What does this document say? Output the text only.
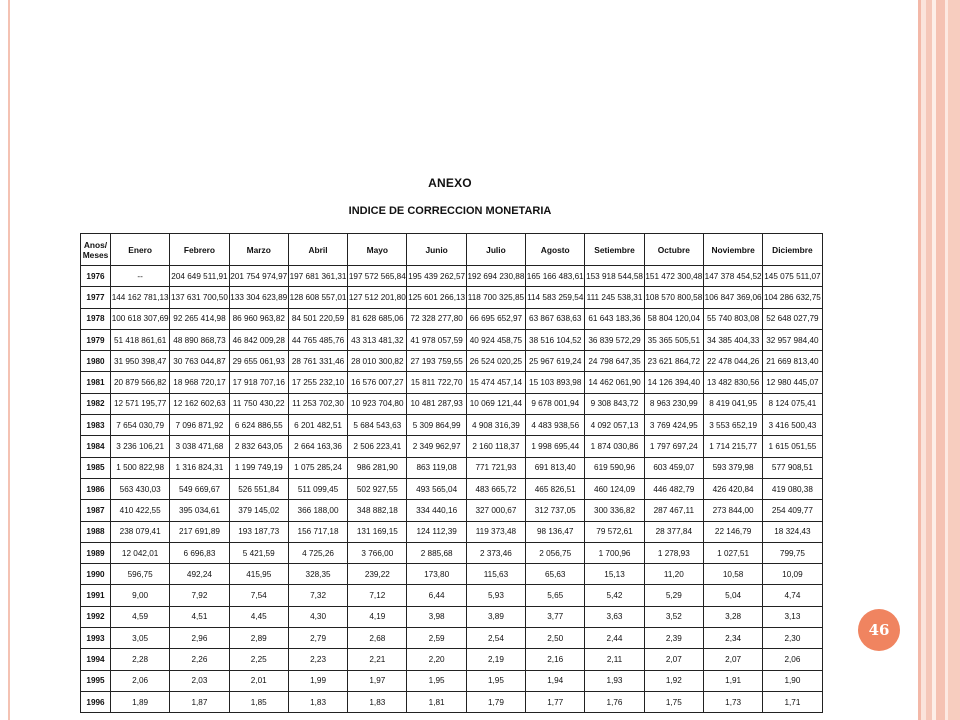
ANEXO
INDICE DE CORRECCION MONETARIA
Anos/
Meses	Enero	Febrero	Marzo	Abril	Mayo	Junio	Julio	Agosto	Setiembre	Octubre	Noviembre	Diciembre
1976	--	204 649 511,91	201 754 974,97	197 681 361,31	197 572 565,84	195 439 262,57	192 694 230,88	165 166 483,61	153 918 544,58	151 472 300,48	147 378 454,52	145 075 511,07
1977	144 162 781,13	137 631 700,50	133 304 623,89	128 608 557,01	127 512 201,80	125 601 266,13	118 700 325,85	114 583 259,54	111 245 538,31	108 570 800,58	106 847 369,06	104 286 632,75
1978	100 618 307,69	92 265 414,98	86 960 963,82	84 501 220,59	81 628 685,06	72 328 277,80	66 695 652,97	63 867 638,63	61 643 183,36	58 804 120,04	55 740 803,08	52 648 027,79
1979	51 418 861,61	48 890 868,73	46 842 009,28	44 765 485,76	43 313 481,32	41 978 057,59	40 924 458,75	38 516 104,52	36 839 572,29	35 365 505,51	34 385 404,33	32 957 984,40
1980	31 950 398,47	30 763 044,87	29 655 061,93	28 761 331,46	28 010 300,82	27 193 759,55	26 524 020,25	25 967 619,24	24 798 647,35	23 621 864,72	22 478 044,26	21 669 813,40
1981	20 879 566,82	18 968 720,17	17 918 707,16	17 255 232,10	16 576 007,27	15 811 722,70	15 474 457,14	15 103 893,98	14 462 061,90	14 126 394,40	13 482 830,56	12 980 445,07
1982	12 571 195,77	12 162 602,63	11 750 430,22	11 253 702,30	10 923 704,80	10 481 287,93	10 069 121,44	9 678 001,94	9 308 843,72	8 963 230,99	8 419 041,95	8 124 075,41
1983	7 654 030,79	7 096 871,92	6 624 886,55	6 201 482,51	5 684 543,63	5 309 864,99	4 908 316,39	4 483 938,56	4 092 057,13	3 769 424,95	3 553 652,19	3 416 500,43
1984	3 236 106,21	3 038 471,68	2 832 643,05	2 664 163,36	2 506 223,41	2 349 962,97	2 160 118,37	1 998 695,44	1 874 030,86	1 797 697,24	1 714 215,77	1 615 051,55
1985	1 500 822,98	1 316 824,31	1 199 749,19	1 075 285,24	986 281,90	863 119,08	771 721,93	691 813,40	619 590,96	603 459,07	593 379,98	577 908,51
1986	563 430,03	549 669,67	526 551,84	511 099,45	502 927,55	493 565,04	483 665,72	465 826,51	460 124,09	446 482,79	426 420,84	419 080,38
1987	410 422,55	395 034,61	379 145,02	366 188,00	348 882,18	334 440,16	327 000,67	312 737,05	300 336,82	287 467,11	273 844,00	254 409,77
1988	238 079,41	217 691,89	193 187,73	156 717,18	131 169,15	124 112,39	119 373,48	98 136,47	79 572,61	28 377,84	22 146,79	18 324,43
1989	12 042,01	6 696,83	5 421,59	4 725,26	3 766,00	2 885,68	2 373,46	2 056,75	1 700,96	1 278,93	1 027,51	799,75
1990	596,75	492,24	415,95	328,35	239,22	173,80	115,63	65,63	15,13	11,20	10,58	10,09
1991	9,00	7,92	7,54	7,32	7,12	6,44	5,93	5,65	5,42	5,29	5,04	4,74
1992	4,59	4,51	4,45	4,30	4,19	3,98	3,89	3,77	3,63	3,52	3,28	3,13
1993	3,05	2,96	2,89	2,79	2,68	2,59	2,54	2,50	2,44	2,39	2,34	2,30
1994	2,28	2,26	2,25	2,23	2,21	2,20	2,19	2,16	2,11	2,07	2,07	2,06
1995	2,06	2,03	2,01	1,99	1,97	1,95	1,95	1,94	1,93	1,92	1,91	1,90
1996	1,89	1,87	1,85	1,83	1,83	1,81	1,79	1,77	1,76	1,75	1,73	1,71
46
